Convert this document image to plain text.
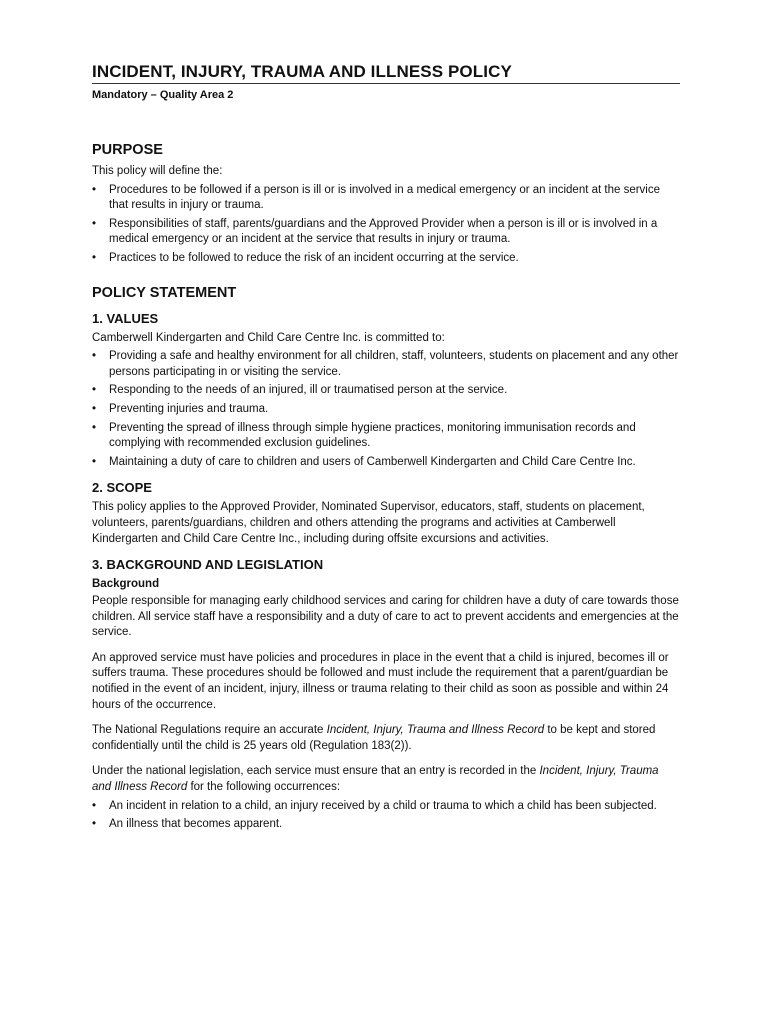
INCIDENT, INJURY, TRAUMA AND ILLNESS POLICY
Mandatory – Quality Area 2
PURPOSE

This policy will define the:

• Procedures to be followed if a person is ill or is involved in a medical emergency or an incident at the service that results in injury or trauma.
• Responsibilities of staff, parents/guardians and the Approved Provider when a person is ill or is involved in a medical emergency or an incident at the service that results in injury or trauma.
• Practices to be followed to reduce the risk of an incident occurring at the service.
POLICY STATEMENT
1. VALUES

Camberwell Kindergarten and Child Care Centre Inc. is committed to:

• Providing a safe and healthy environment for all children, staff, volunteers, students on placement and any other persons participating in or visiting the service.
• Responding to the needs of an injured, ill or traumatised person at the service.
• Preventing injuries and trauma.
• Preventing the spread of illness through simple hygiene practices, monitoring immunisation records and complying with recommended exclusion guidelines.
• Maintaining a duty of care to children and users of Camberwell Kindergarten and Child Care Centre Inc.
2. SCOPE

This policy applies to the Approved Provider, Nominated Supervisor, educators, staff, students on placement, volunteers, parents/guardians, children and others attending the programs and activities at Camberwell Kindergarten and Child Care Centre Inc., including during offsite excursions and activities.

3. BACKGROUND AND LEGISLATION
Background

People responsible for managing early childhood services and caring for children have a duty of care towards those children. All service staff have a responsibility and a duty of care to act to prevent accidents and emergencies at the service.

An approved service must have policies and procedures in place in the event that a child is injured, becomes ill or suffers trauma. These procedures should be followed and must include the requirement that a parent/guardian be notified in the event of an incident, injury, illness or trauma relating to their child as soon as possible and within 24 hours of the occurrence.

The National Regulations require an accurate Incident, Injury, Trauma and Illness Record to be kept and stored confidentially until the child is 25 years old (Regulation 183(2)).

Under the national legislation, each service must ensure that an entry is recorded in the Incident, Injury, Trauma and Illness Record for the following occurrences:

• An incident in relation to a child, an injury received by a child or trauma to which a child has been subjected.
• An illness that becomes apparent.
